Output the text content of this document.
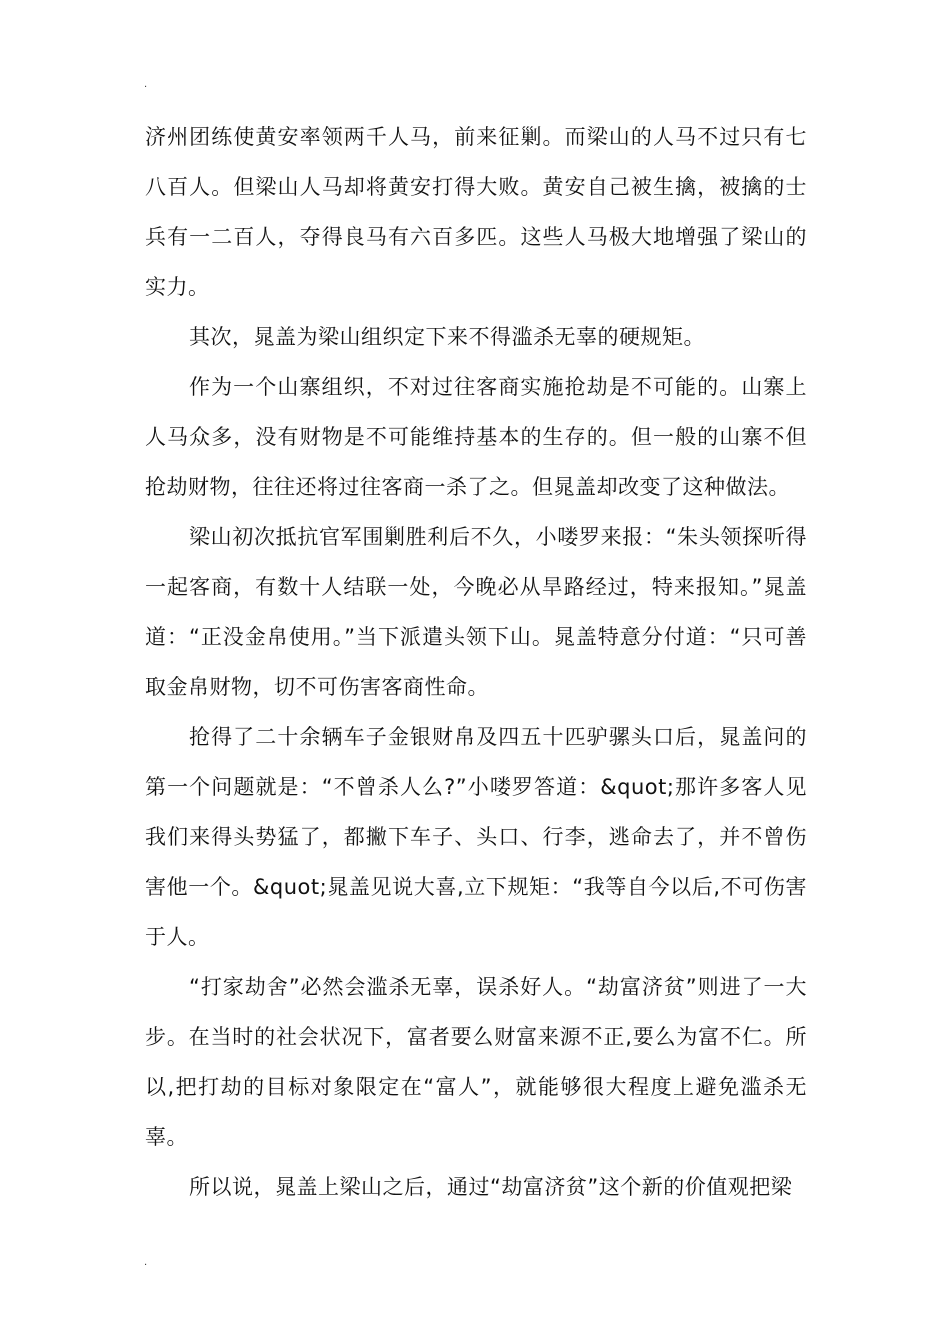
.

济州团练使黄安率领两千人马，前来征剿。而梁山的人马不过只有七八百人。但梁山人马却将黄安打得大败。黄安自己被生擒，被擒的士兵有一二百人，夺得良马有六百多匹。这些人马极大地增强了梁山的实力。

其次，晁盖为梁山组织定下来不得滥杀无辜的硬规矩。

作为一个山寨组织，不对过往客商实施抢劫是不可能的。山寨上人马众多，没有财物是不可能维持基本的生存的。但一般的山寨不但抢劫财物，往往还将过往客商一杀了之。但晁盖却改变了这种做法。

梁山初次抵抗官军围剿胜利后不久，小喽罗来报：“朱头领探听得一起客商，有数十人结联一处，今晚必从旱路经过，特来报知。”晁盖道：“正没金帛使用。”当下派遣头领下山。晁盖特意分付道：“只可善取金帛财物，切不可伤害客商性命。

抢得了二十余辆车子金银财帛及四五十匹驴骡头口后，晁盖问的第一个问题就是：“不曾杀人么?”小喽罗答道：&quot;那许多客人见我们来得头势猛了，都撇下车子、头口、行李，逃命去了，并不曾伤害他一个。&quot;晁盖见说大喜,立下规矩：“我等自今以后,不可伤害于人。

“打家劫舍”必然会滥杀无辜，误杀好人。“劫富济贫”则进了一大步。在当时的社会状况下，富者要么财富来源不正,要么为富不仁。所以,把打劫的目标对象限定在“富人”，就能够很大程度上避免滥杀无辜。

所以说，晁盖上梁山之后，通过“劫富济贫”这个新的价值观把梁

.
